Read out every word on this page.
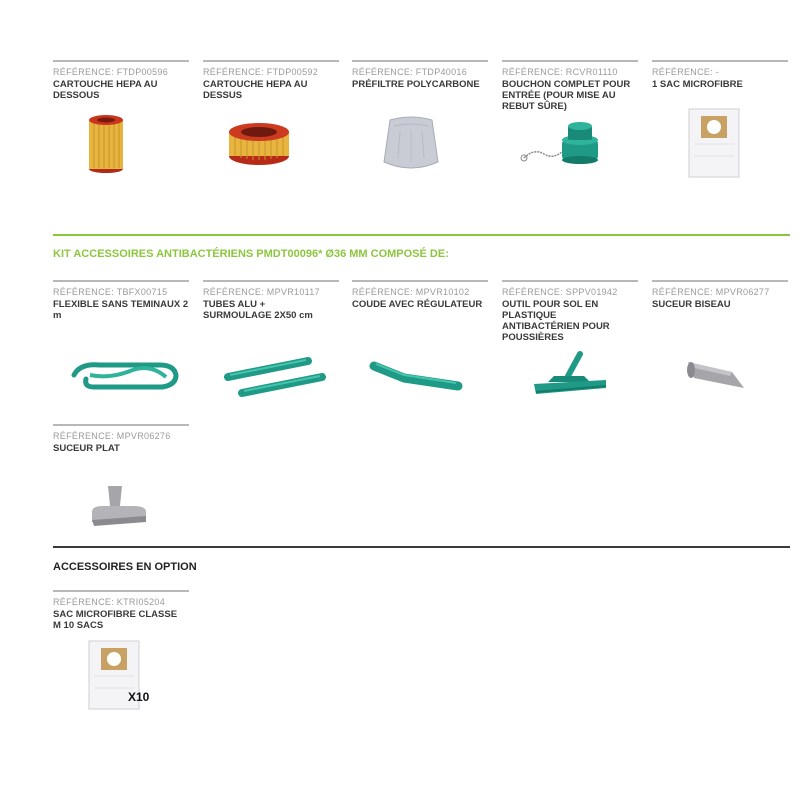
RÉFÉRENCE: FTDP00596
CARTOUCHE HEPA AU DESSOUS
RÉFÉRENCE: FTDP00592
CARTOUCHE HEPA AU DESSUS
RÉFÉRENCE: FTDP40016
PRÉFILTRE POLYCARBONE
RÉFÉRENCE: RCVR01110
BOUCHON COMPLET POUR ENTRÉE (POUR MISE AU REBUT SÛRE)
RÉFÉRENCE: -
1 SAC MICROFIBRE
KIT ACCESSOIRES ANTIBACTÉRIENS PMDT00096* Ø36 MM COMPOSÉ DE:
RÉFÉRENCE: TBFX00715
FLEXIBLE SANS TEMINAUX 2 m
RÉFÉRENCE: MPVR10117
TUBES ALU + SURMOULAGE 2X50 cm
RÉFÉRENCE: MPVR10102
COUDE AVEC RÉGULATEUR
RÉFÉRENCE: SPPV01942
OUTIL POUR SOL EN PLASTIQUE ANTIBACTÉRIEN POUR POUSSIÈRES
RÉFÉRENCE: MPVR06277
SUCEUR BISEAU
RÉFÉRENCE: MPVR06276
SUCEUR PLAT
ACCESSOIRES EN OPTION
RÉFÉRENCE: KTRI05204
SAC MICROFIBRE CLASSE M 10 SACS
X10
